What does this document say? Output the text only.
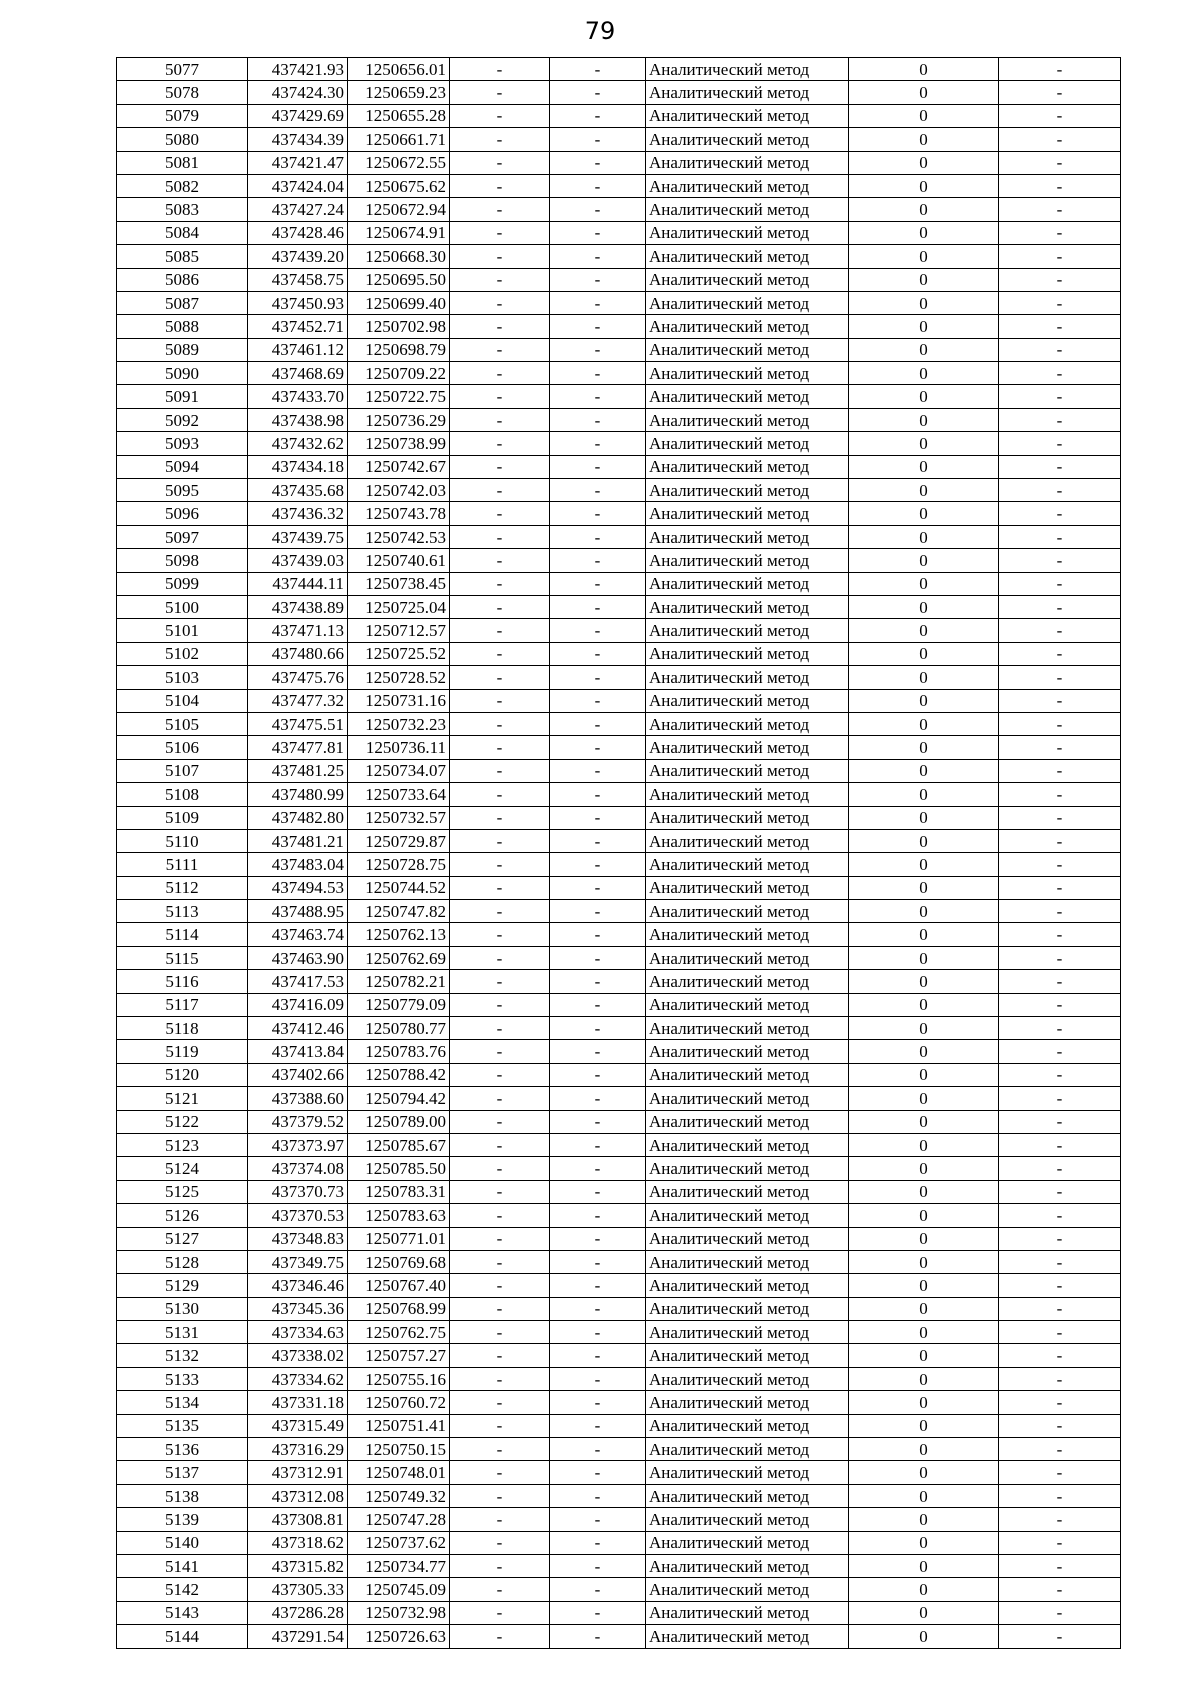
79
5077	437421.93	1250656.01	-	-	Аналитический метод	0	-
5078	437424.30	1250659.23	-	-	Аналитический метод	0	-
5079	437429.69	1250655.28	-	-	Аналитический метод	0	-
5080	437434.39	1250661.71	-	-	Аналитический метод	0	-
5081	437421.47	1250672.55	-	-	Аналитический метод	0	-
5082	437424.04	1250675.62	-	-	Аналитический метод	0	-
5083	437427.24	1250672.94	-	-	Аналитический метод	0	-
5084	437428.46	1250674.91	-	-	Аналитический метод	0	-
5085	437439.20	1250668.30	-	-	Аналитический метод	0	-
5086	437458.75	1250695.50	-	-	Аналитический метод	0	-
5087	437450.93	1250699.40	-	-	Аналитический метод	0	-
5088	437452.71	1250702.98	-	-	Аналитический метод	0	-
5089	437461.12	1250698.79	-	-	Аналитический метод	0	-
5090	437468.69	1250709.22	-	-	Аналитический метод	0	-
5091	437433.70	1250722.75	-	-	Аналитический метод	0	-
5092	437438.98	1250736.29	-	-	Аналитический метод	0	-
5093	437432.62	1250738.99	-	-	Аналитический метод	0	-
5094	437434.18	1250742.67	-	-	Аналитический метод	0	-
5095	437435.68	1250742.03	-	-	Аналитический метод	0	-
5096	437436.32	1250743.78	-	-	Аналитический метод	0	-
5097	437439.75	1250742.53	-	-	Аналитический метод	0	-
5098	437439.03	1250740.61	-	-	Аналитический метод	0	-
5099	437444.11	1250738.45	-	-	Аналитический метод	0	-
5100	437438.89	1250725.04	-	-	Аналитический метод	0	-
5101	437471.13	1250712.57	-	-	Аналитический метод	0	-
5102	437480.66	1250725.52	-	-	Аналитический метод	0	-
5103	437475.76	1250728.52	-	-	Аналитический метод	0	-
5104	437477.32	1250731.16	-	-	Аналитический метод	0	-
5105	437475.51	1250732.23	-	-	Аналитический метод	0	-
5106	437477.81	1250736.11	-	-	Аналитический метод	0	-
5107	437481.25	1250734.07	-	-	Аналитический метод	0	-
5108	437480.99	1250733.64	-	-	Аналитический метод	0	-
5109	437482.80	1250732.57	-	-	Аналитический метод	0	-
5110	437481.21	1250729.87	-	-	Аналитический метод	0	-
5111	437483.04	1250728.75	-	-	Аналитический метод	0	-
5112	437494.53	1250744.52	-	-	Аналитический метод	0	-
5113	437488.95	1250747.82	-	-	Аналитический метод	0	-
5114	437463.74	1250762.13	-	-	Аналитический метод	0	-
5115	437463.90	1250762.69	-	-	Аналитический метод	0	-
5116	437417.53	1250782.21	-	-	Аналитический метод	0	-
5117	437416.09	1250779.09	-	-	Аналитический метод	0	-
5118	437412.46	1250780.77	-	-	Аналитический метод	0	-
5119	437413.84	1250783.76	-	-	Аналитический метод	0	-
5120	437402.66	1250788.42	-	-	Аналитический метод	0	-
5121	437388.60	1250794.42	-	-	Аналитический метод	0	-
5122	437379.52	1250789.00	-	-	Аналитический метод	0	-
5123	437373.97	1250785.67	-	-	Аналитический метод	0	-
5124	437374.08	1250785.50	-	-	Аналитический метод	0	-
5125	437370.73	1250783.31	-	-	Аналитический метод	0	-
5126	437370.53	1250783.63	-	-	Аналитический метод	0	-
5127	437348.83	1250771.01	-	-	Аналитический метод	0	-
5128	437349.75	1250769.68	-	-	Аналитический метод	0	-
5129	437346.46	1250767.40	-	-	Аналитический метод	0	-
5130	437345.36	1250768.99	-	-	Аналитический метод	0	-
5131	437334.63	1250762.75	-	-	Аналитический метод	0	-
5132	437338.02	1250757.27	-	-	Аналитический метод	0	-
5133	437334.62	1250755.16	-	-	Аналитический метод	0	-
5134	437331.18	1250760.72	-	-	Аналитический метод	0	-
5135	437315.49	1250751.41	-	-	Аналитический метод	0	-
5136	437316.29	1250750.15	-	-	Аналитический метод	0	-
5137	437312.91	1250748.01	-	-	Аналитический метод	0	-
5138	437312.08	1250749.32	-	-	Аналитический метод	0	-
5139	437308.81	1250747.28	-	-	Аналитический метод	0	-
5140	437318.62	1250737.62	-	-	Аналитический метод	0	-
5141	437315.82	1250734.77	-	-	Аналитический метод	0	-
5142	437305.33	1250745.09	-	-	Аналитический метод	0	-
5143	437286.28	1250732.98	-	-	Аналитический метод	0	-
5144	437291.54	1250726.63	-	-	Аналитический метод	0	-
